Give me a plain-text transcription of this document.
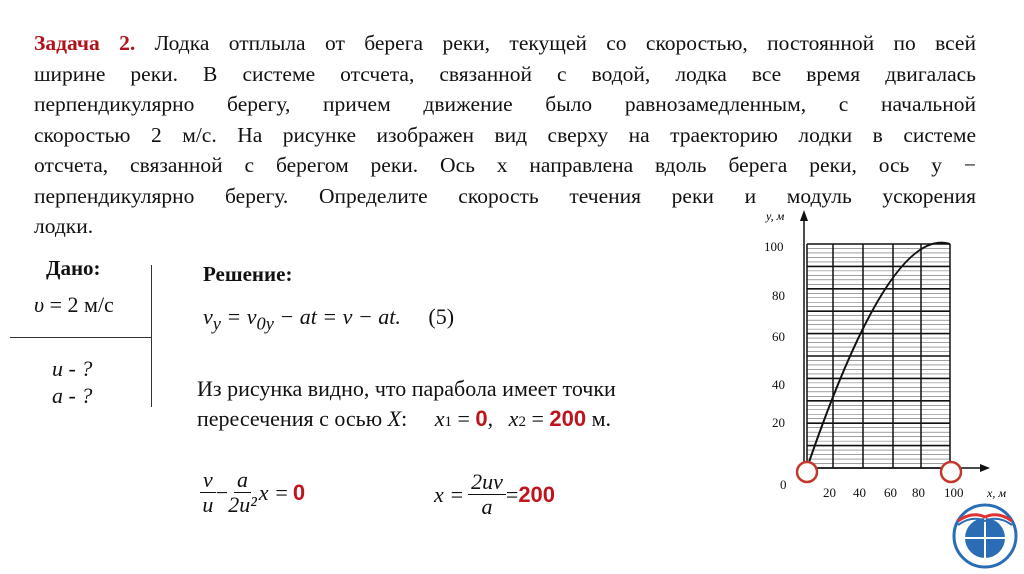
Задача 2. Лодка отплыла от берега реки, текущей со скоростью, постоянной по всей
ширине реки. В системе отсчета, связанной с водой, лодка все время двигалась
перпендикулярно берегу, причем движение было равнозамедленным, с начальной
скоростью 2 м/с. На рисунке изображен вид сверху на траекторию лодки в системе
отсчета, связанной с берегом реки. Ось x направлена вдоль берега реки, ось y −
перпендикулярно берегу. Определите скорость течения реки и модуль ускорения
лодки.
Дано:
υ = 2 м/с
u - ?
a - ?
Решение:
$v_y = v_{0y}$ − at = v − at. (5)
Из рисунка видно, что парабола имеет точки
пересечения с осью X: x1 = 0, x2 = 200 м.
$\frac{v}{u} - \frac{a}{\text{2u²}}$ x = 0	$x = \frac{2uv}{a} = 200$
y, м
x, м
100
80
60
40
20
0
20 40 60 80 100
